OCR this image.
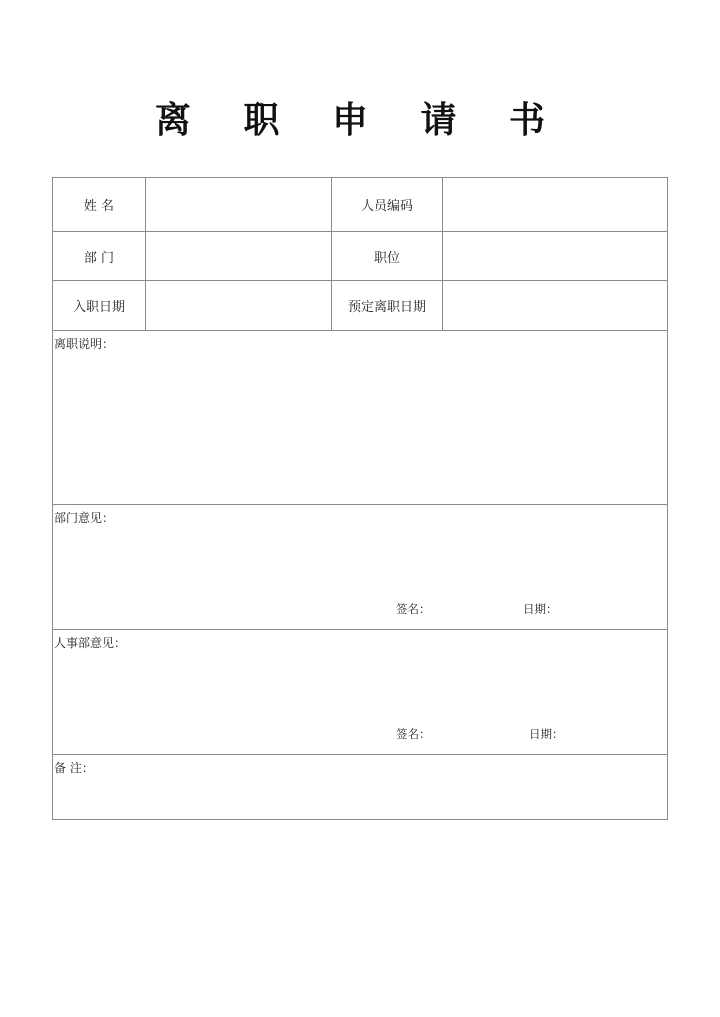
离 职 申 请 书
姓 名	人员编码
部 门	职位
入职日期	预定离职日期
离职说明：
部门意见：
签名：	日期：
人事部意见：
签名：	日期：
备 注：
